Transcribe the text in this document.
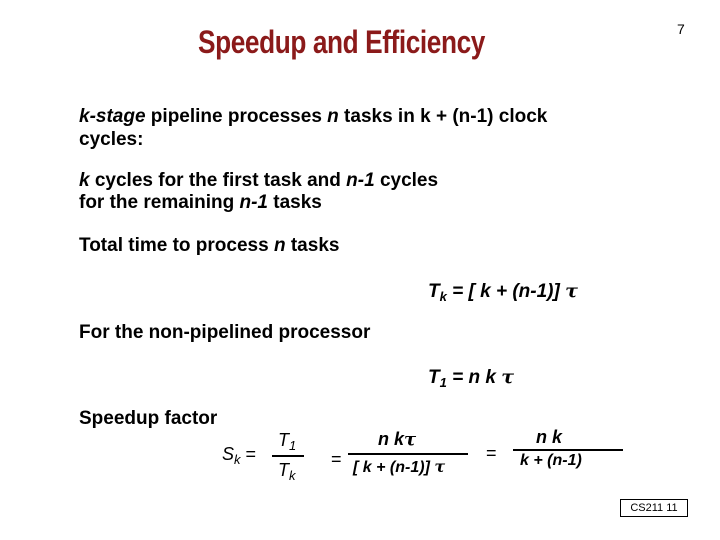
7
Speedup and Efficiency
k-stage pipeline processes n tasks in k + (n-1) clock
cycles:
k cycles for the first task and n-1 cycles
for the remaining n-1 tasks
Total time to process n tasks
$T_k$ = [ k + (n-1)] τ
For the non-pipelined processor
$T_1 = n$ k τ
Speedup factor
$S_k$ =
$T_1$
$T_k$
=
n kτ
[ k + (n-1)] τ
=
n k
k + (n-1)
CS211 11
